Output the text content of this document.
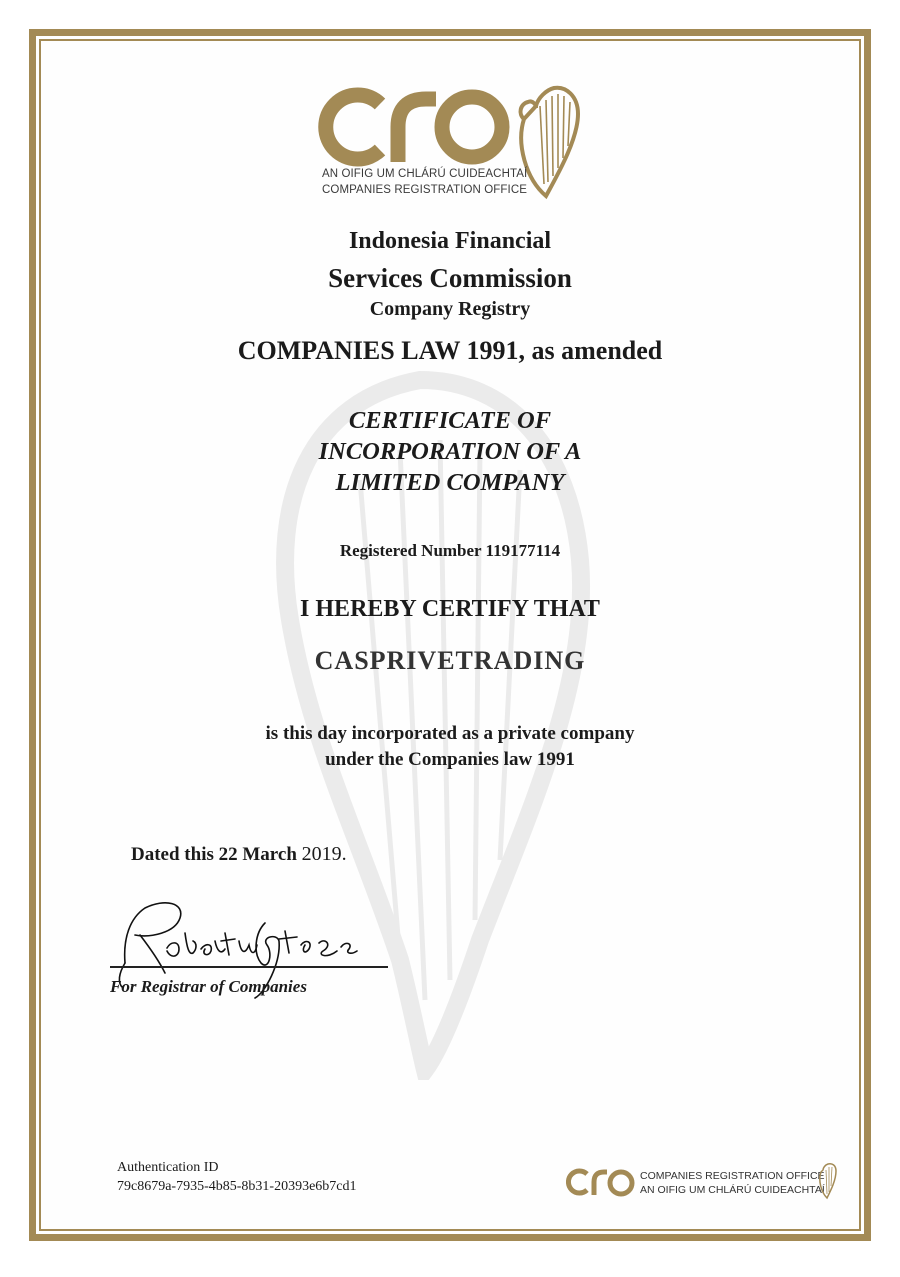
AN OIFIG UM CHLÁRÚ CUIDEACHTAÍ
COMPANIES REGISTRATION OFFICE
Indonesia Financial
Services Commission
Company Registry
COMPANIES LAW 1991, as amended
CERTIFICATE OF
INCORPORATION OF A
LIMITED COMPANY
Registered Number 119177114
I HEREBY CERTIFY THAT
CASPRIVETRADING
is this day incorporated as a private company
under the Companies law 1991
Dated this 22 March 2019.
For Registrar of Companies
Authentication ID
79c8679a-7935-4b85-8b31-20393e6b7cd1
COMPANIES REGISTRATION OFFICE
AN OIFIG UM CHLÁRÚ CUIDEACHTAÍ
